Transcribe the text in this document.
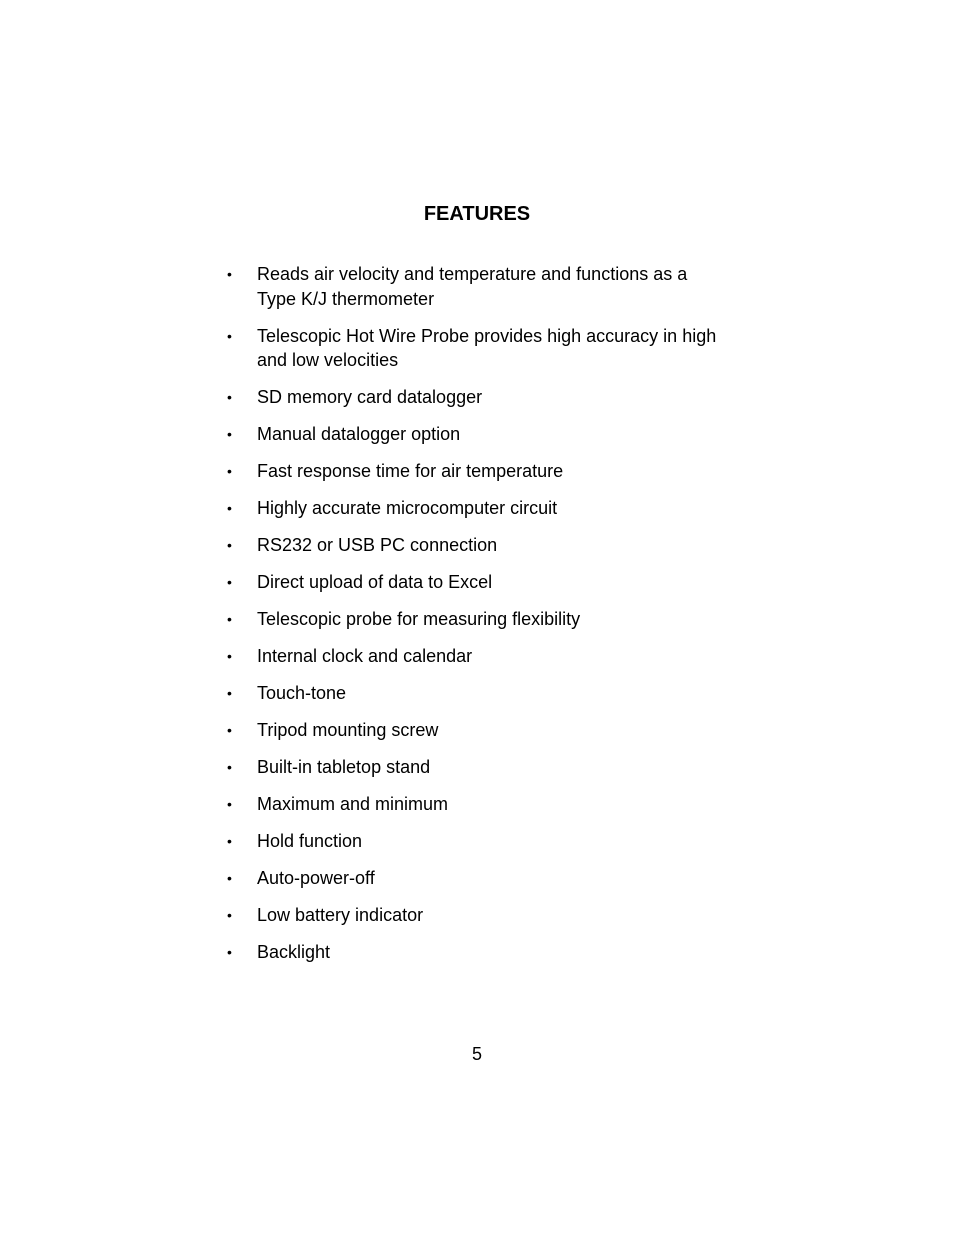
FEATURES
•	Reads air velocity and temperature and functions as a Type K/J thermometer
•	Telescopic Hot Wire Probe provides high accuracy in high and low velocities
•	SD memory card datalogger
•	Manual datalogger option
•	Fast response time for air temperature
•	Highly accurate microcomputer circuit
•	RS232 or USB PC connection
•	Direct upload of data to Excel
•	Telescopic probe for measuring flexibility
•	Internal clock and calendar
•	Touch-tone
•	Tripod mounting screw
•	Built-in tabletop stand
•	Maximum and minimum
•	Hold function
•	Auto-power-off
•	Low battery indicator
•	Backlight
5
